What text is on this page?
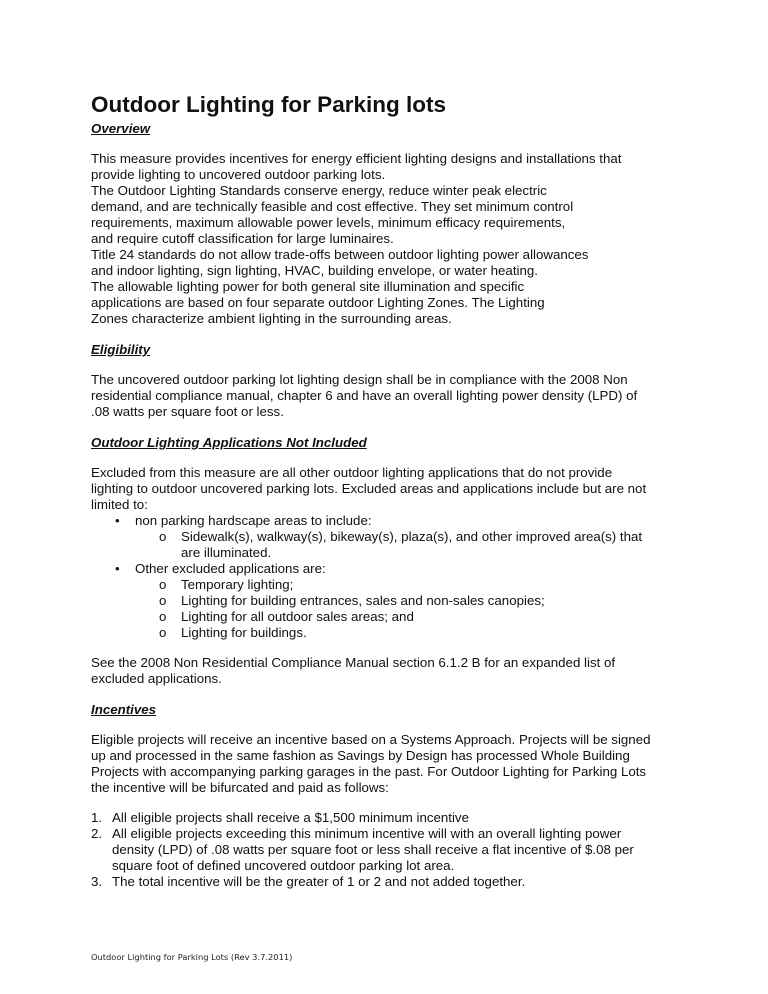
Outdoor Lighting for Parking lots
Overview
This measure provides incentives for energy efficient lighting designs and installations that
provide lighting to uncovered outdoor parking lots.
The Outdoor Lighting Standards conserve energy, reduce winter peak electric
demand, and are technically feasible and cost effective. They set minimum control
requirements, maximum allowable power levels, minimum efficacy requirements,
and require cutoff classification for large luminaires.
Title 24 standards do not allow trade-offs between outdoor lighting power allowances
and indoor lighting, sign lighting, HVAC, building envelope, or water heating.
The allowable lighting power for both general site illumination and specific
applications are based on four separate outdoor Lighting Zones. The Lighting
Zones characterize ambient lighting in the surrounding areas.
Eligibility
The uncovered outdoor parking lot lighting design shall be in compliance with the 2008 Non
residential compliance manual, chapter 6 and have an overall lighting power density (LPD) of
.08 watts per square foot or less.
Outdoor Lighting Applications Not Included
Excluded from this measure are all other outdoor lighting applications that do not provide
lighting to outdoor uncovered parking lots. Excluded areas and applications include but are not
limited to:
• non parking hardscape areas to include:
o Sidewalk(s), walkway(s), bikeway(s), plaza(s), and other improved area(s) that
are illuminated.
• Other excluded applications are:
o Temporary lighting;
o Lighting for building entrances, sales and non-sales canopies;
o Lighting for all outdoor sales areas; and
o Lighting for buildings.
See the 2008 Non Residential Compliance Manual section 6.1.2 B for an expanded list of
excluded applications.
Incentives
Eligible projects will receive an incentive based on a Systems Approach. Projects will be signed
up and processed in the same fashion as Savings by Design has processed Whole Building
Projects with accompanying parking garages in the past. For Outdoor Lighting for Parking Lots
the incentive will be bifurcated and paid as follows:
1. All eligible projects shall receive a $1,500 minimum incentive
2. All eligible projects exceeding this minimum incentive will with an overall lighting power
density (LPD) of .08 watts per square foot or less shall receive a flat incentive of $.08 per
square foot of defined uncovered outdoor parking lot area.
3. The total incentive will be the greater of 1 or 2 and not added together.
Outdoor Lighting for Parking Lots (Rev 3.7.2011)
